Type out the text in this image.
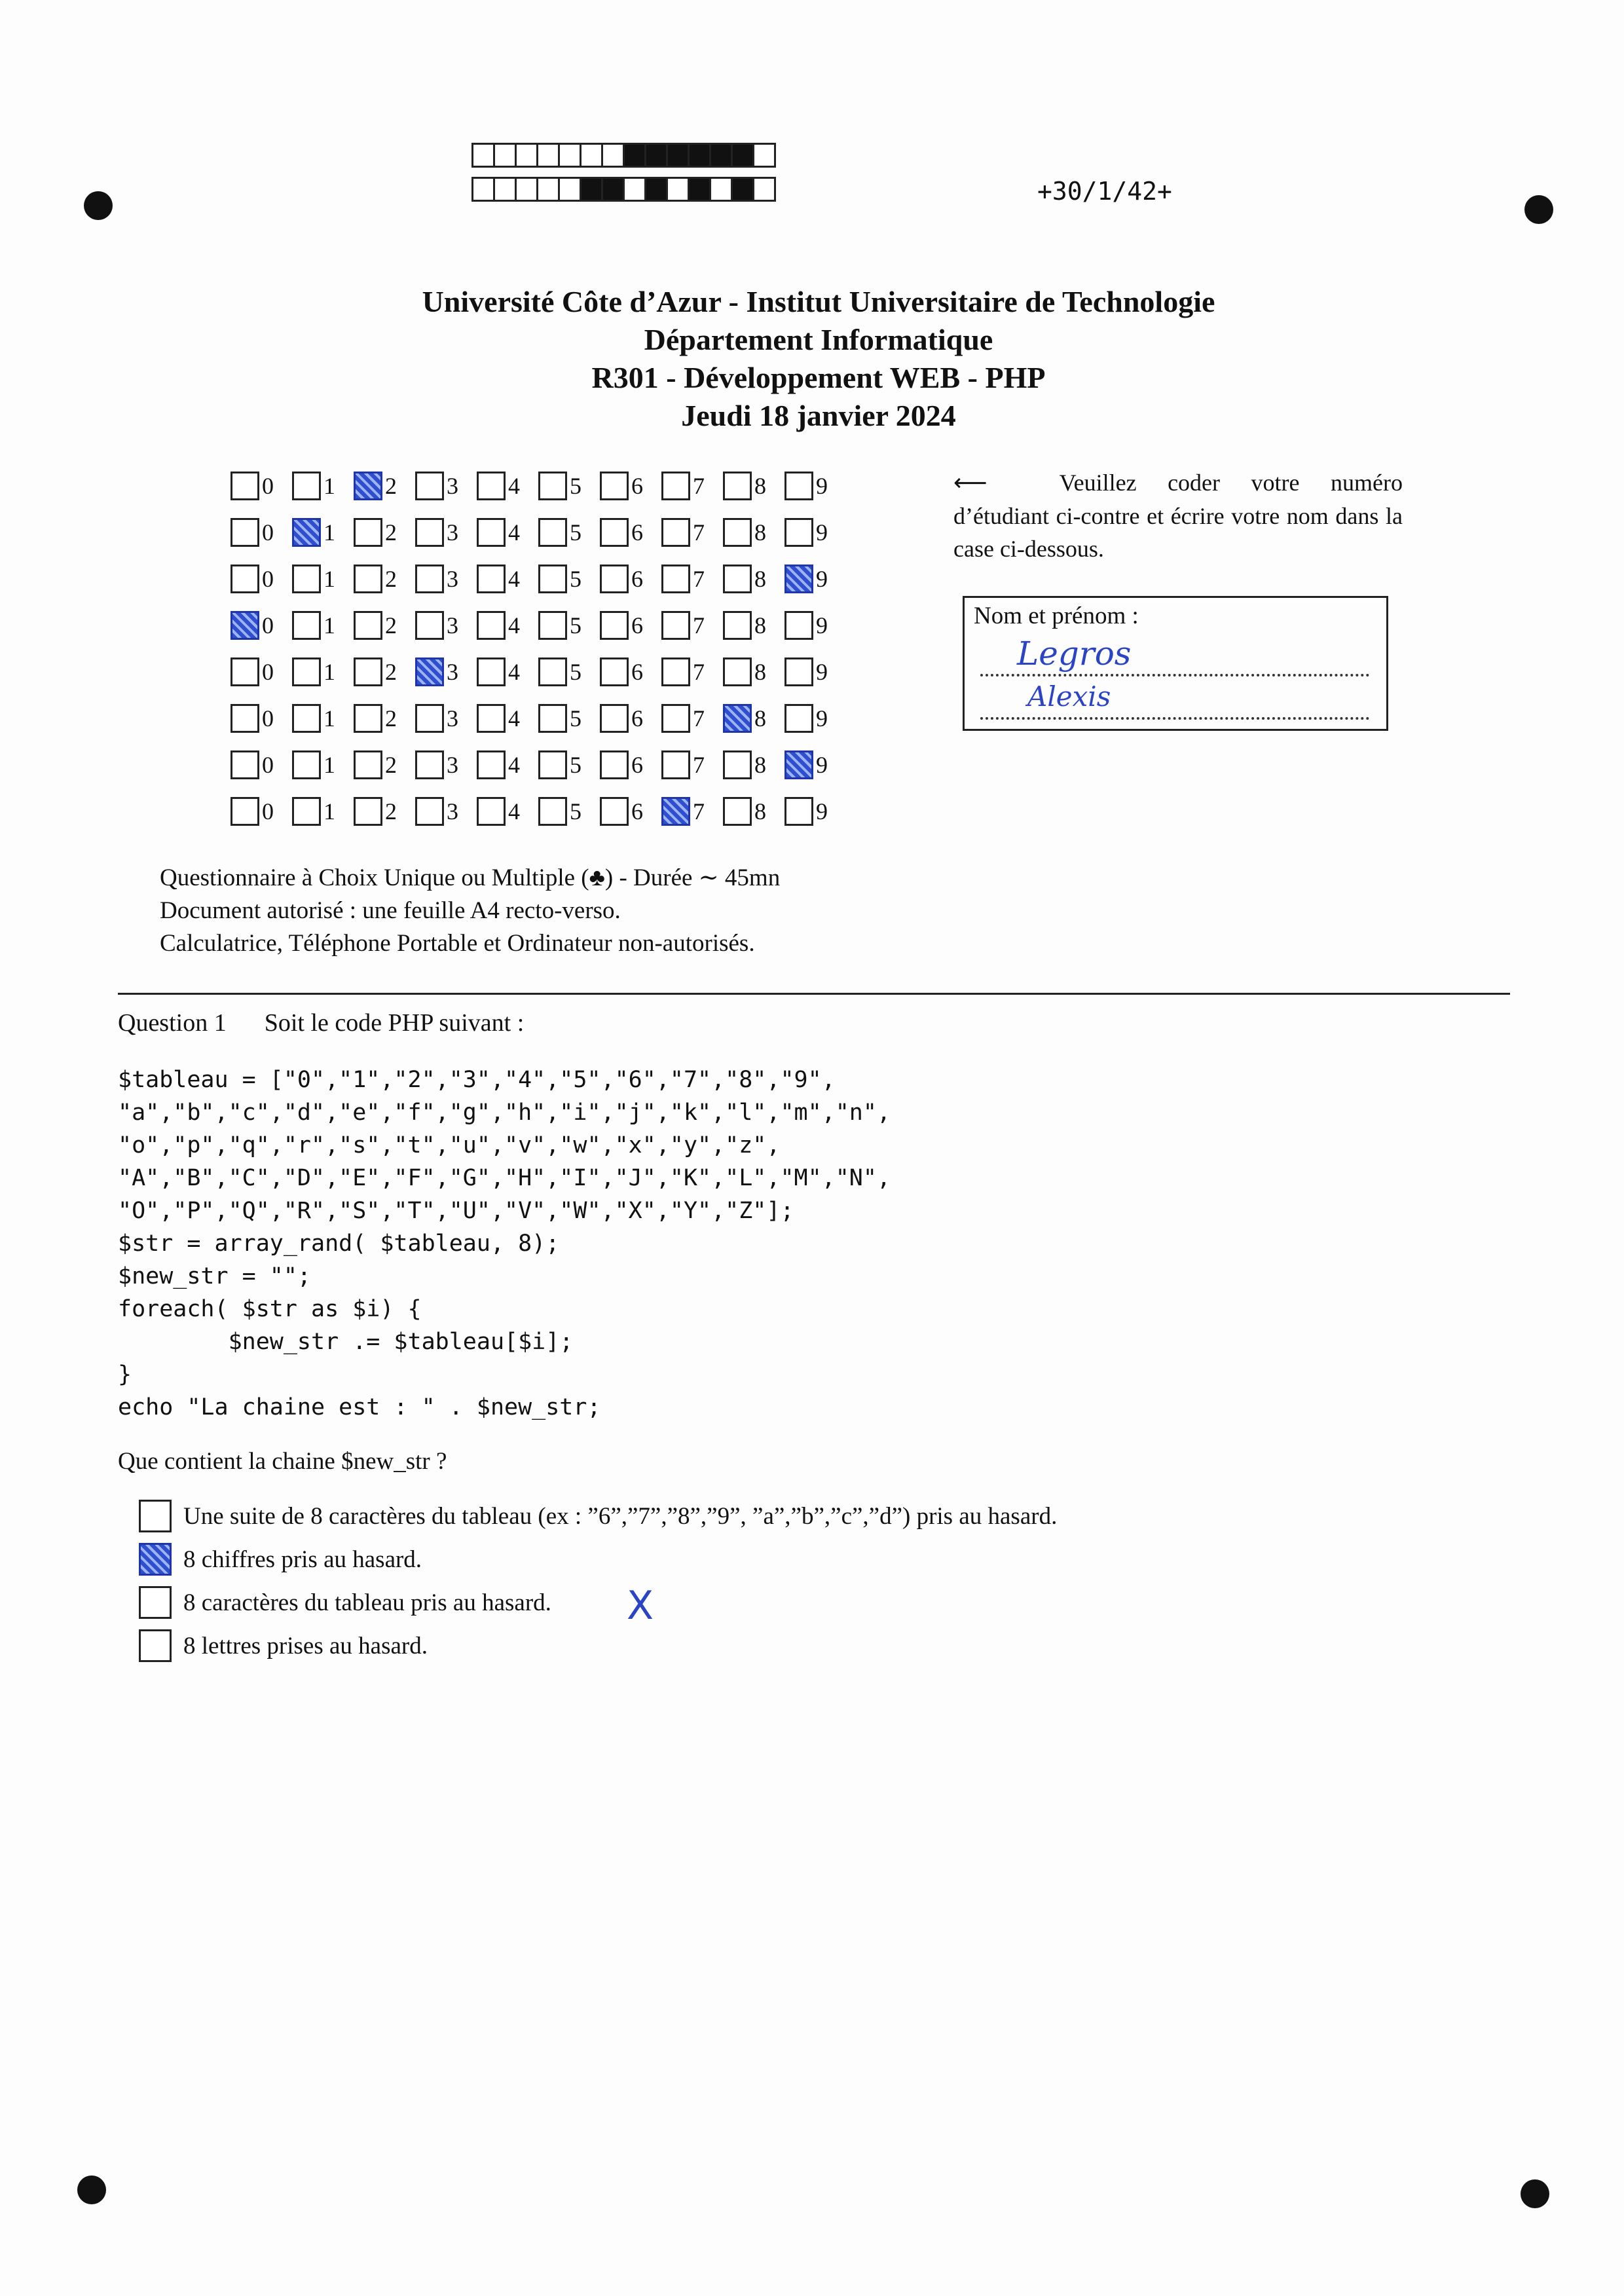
+30/1/42+
Université Côte d’Azur - Institut Universitaire de Technologie
Département Informatique
R301 - Développement WEB - PHP
Jeudi 18 janvier 2024
0 1 2 3 4 5 6 7 8 9
0 1 2 3 4 5 6 7 8 9
0 1 2 3 4 5 6 7 8 9
0 1 2 3 4 5 6 7 8 9
0 1 2 3 4 5 6 7 8 9
0 1 2 3 4 5 6 7 8 9
0 1 2 3 4 5 6 7 8 9
0 1 2 3 4 5 6 7 8 9
⟵	Veuillez coder votre numéro d’étudiant ci-contre et écrire votre nom dans la case ci-dessous.
Nom et prénom :
Legros
Alexis
Questionnaire à Choix Unique ou Multiple (♣) - Durée ∼ 45mn
Document autorisé : une feuille A4 recto-verso.
Calculatrice, Téléphone Portable et Ordinateur non-autorisés.
Question 1 Soit le code PHP suivant :
$tableau = ["0","1","2","3","4","5","6","7","8","9",
"a","b","c","d","e","f","g","h","i","j","k","l","m","n",
"o","p","q","r","s","t","u","v","w","x","y","z",
"A","B","C","D","E","F","G","H","I","J","K","L","M","N",
"O","P","Q","R","S","T","U","V","W","X","Y","Z"];
$str = array_rand( $tableau, 8);
$new_str = "";
foreach( $str as $i) {
$new_str .= $tableau[$i];
}
echo "La chaine est : " . $new_str;
Que contient la chaine $new_str ?
Une suite de 8 caractères du tableau (ex : ”6”,”7”,”8”,”9”, ”a”,”b”,”c”,”d”) pris au hasard.
8 chiffres pris au hasard.
8 caractères du tableau pris au hasard. X
8 lettres prises au hasard.
